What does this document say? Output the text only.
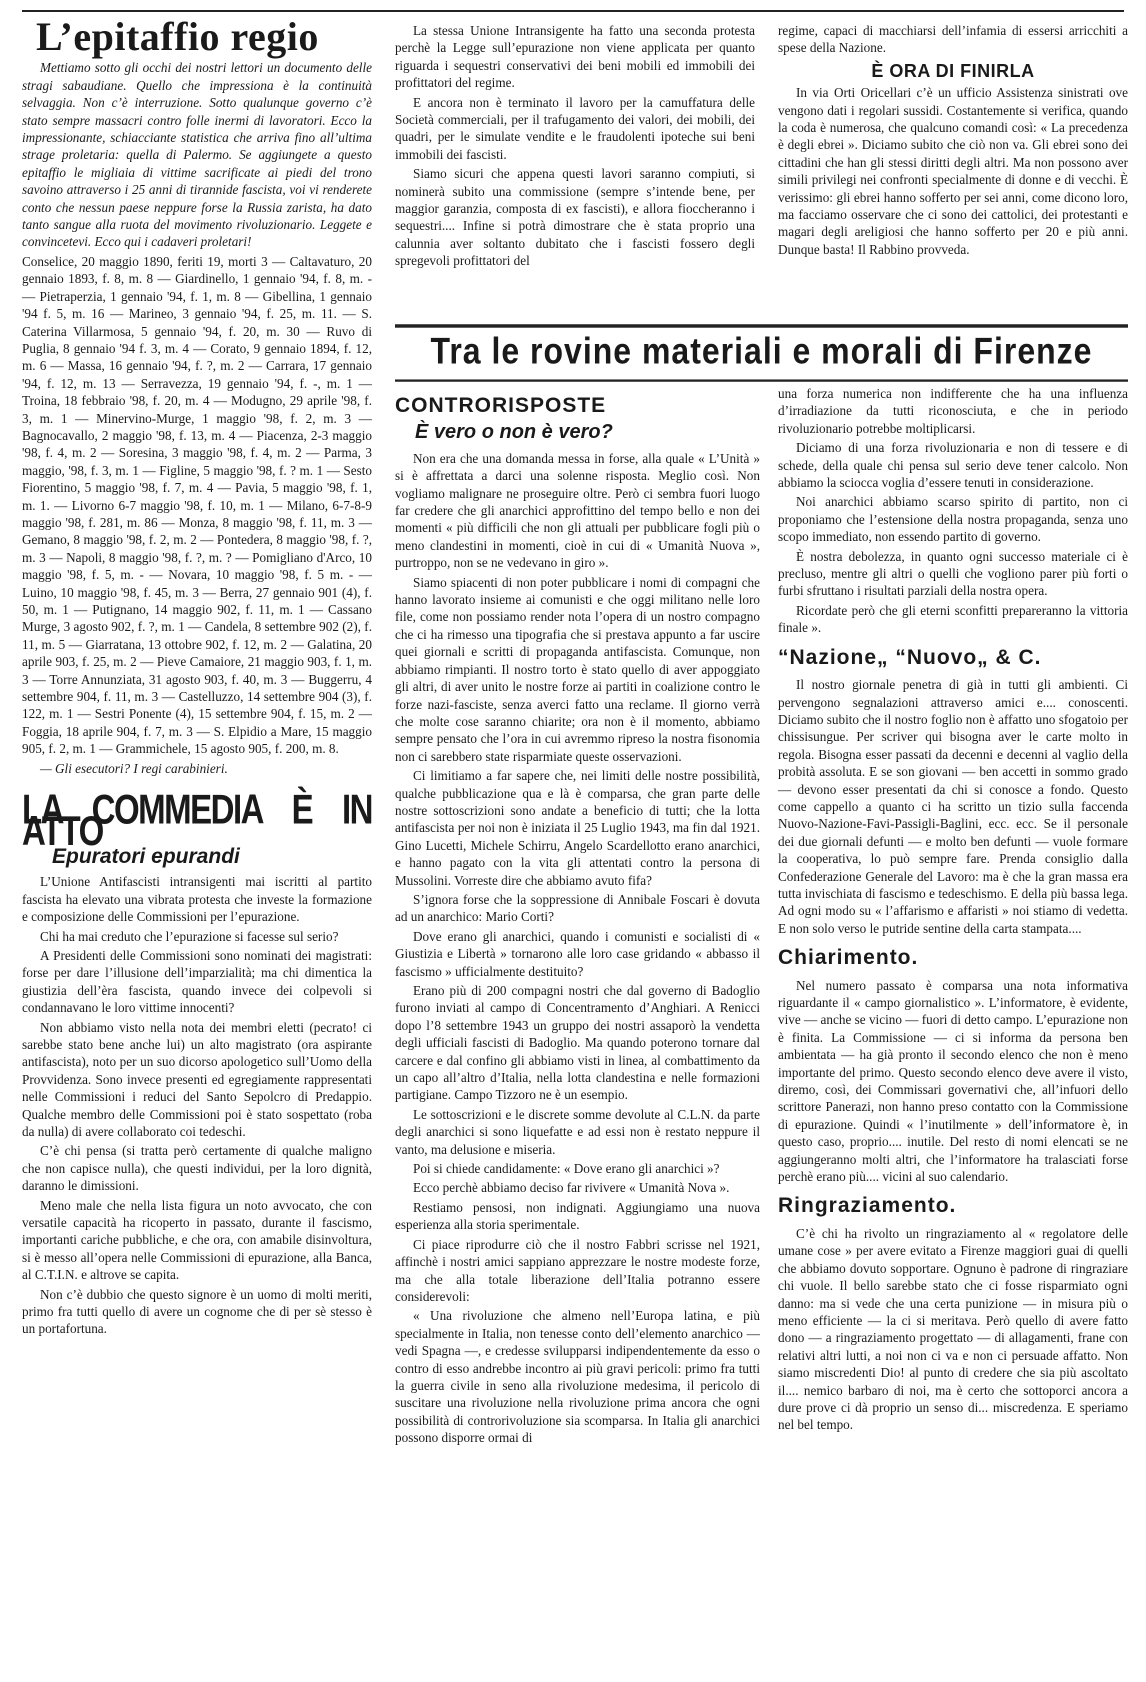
L’epitaffio regio

Mettiamo sotto gli occhi dei nostri lettori un documento delle stragi sabaudiane. Quello che impressiona è la continuità selvaggia. Non c’è interruzione. Sotto qualunque governo c’è stato sempre massacri contro folle inermi di lavoratori. Ecco la impressionante, schiacciante statistica che arriva fino all’ultima strage proletaria: quella di Palermo. Se aggiungete a questo epitaffio le migliaia di vittime sacrificate ai piedi del trono savoino attraverso i 25 anni di tirannide fascista, voi vi renderete conto che nessun paese neppure forse la Russia zarista, ha dato tanto sangue alla ruota del movimento rivoluzionario. Leggete e convincetevi. Ecco qui i cadaveri proletari!

Conselice, 20 maggio 1890, feriti 19, morti 3 — Caltavaturo, 20 gennaio 1893, f. 8, m. 8 — Giardinello, 1 gennaio '94, f. 8, m. - — Pietraperzia, 1 gennaio '94, f. 1, m. 8 — Gibellina, 1 gennaio '94 f. 5, m. 16 — Marineo, 3 gennaio '94, f. 25, m. 11. — S. Caterina Villarmosa, 5 gennaio '94, f. 20, m. 30 — Ruvo di Puglia, 8 gennaio '94 f. 3, m. 4 — Corato, 9 gennaio 1894, f. 12, m. 6 — Massa, 16 gennaio '94, f. ?, m. 2 — Carrara, 17 gennaio '94, f. 12, m. 13 — Serravezza, 19 gennaio '94, f. -, m. 1 — Troina, 18 febbraio '98, f. 20, m. 4 — Modugno, 29 aprile '98, f. 3, m. 1 — Minervino-Murge, 1 maggio '98, f. 2, m. 3 — Bagnocavallo, 2 maggio '98, f. 13, m. 4 — Piacenza, 2-3 maggio '98, f. 4, m. 2 — Soresina, 3 maggio '98, f. 4, m. 2 — Parma, 3 maggio, '98, f. 3, m. 1 — Figline, 5 maggio '98, f. ? m. 1 — Sesto Fiorentino, 5 maggio '98, f. 7, m. 4 — Pavia, 5 maggio '98, f. 1, m. 1. — Livorno 6-7 maggio '98, f. 10, m. 1 — Milano, 6-7-8-9 maggio '98, f. 281, m. 86 — Monza, 8 maggio '98, f. 11, m. 3 — Gemano, 8 maggio '98, f. 2, m. 2 — Pontedera, 8 maggio '98, f. ?, m. 3 — Napoli, 8 maggio '98, f. ?, m. ? — Pomigliano d'Arco, 10 maggio '98, f. 5, m. - — Novara, 10 maggio '98, f. 5 m. - — Luino, 10 maggio '98, f. 45, m. 3 — Berra, 27 gennaio 901 (4), f. 50, m. 1 — Putignano, 14 maggio 902, f. 11, m. 1 — Cassano Murge, 3 agosto 902, f. ?, m. 1 — Candela, 8 settembre 902 (2), f. 11, m. 5 — Giarratana, 13 ottobre 902, f. 12, m. 2 — Galatina, 20 aprile 903, f. 25, m. 2 — Pieve Camaiore, 21 maggio 903, f. 1, m. 3 — Torre Annunziata, 31 agosto 903, f. 40, m. 3 — Buggerru, 4 settembre 904, f. 11, m. 3 — Castelluzzo, 14 settembre 904 (3), f. 122, m. 1 — Sestri Ponente (4), 15 settembre 904, f. 15, m. 2 — Foggia, 18 aprile 904, f. 7, m. 3 — S. Elpidio a Mare, 15 maggio 905, f. 2, m. 1 — Grammichele, 15 agosto 905, f. 200, m. 8.

— Gli esecutori? I regi carabinieri.

LA COMMEDIA È IN ATTO
Epuratori epurandi

L’Unione Antifascisti intransigenti mai iscritti al partito fascista ha elevato una vibrata protesta che investe la formazione e composizione delle Commissioni per l’epurazione.

Chi ha mai creduto che l’epurazione si facesse sul serio?

A Presidenti delle Commissioni sono nominati dei magistrati: forse per dare l’illusione dell’imparzialità; ma chi dimentica la giustizia dell’èra fascista, quando invece dei colpevoli si condannavano le loro vittime innocenti?

Non abbiamo visto nella nota dei membri eletti (pecrato! ci sarebbe stato bene anche lui) un alto magistrato (ora aspirante antifascista), noto per un suo dicorso apologetico sull’Uomo della Provvidenza. Sono invece presenti ed egregiamente rappresentati nelle Commissioni i reduci del Santo Sepolcro di Predappio. Qualche membro delle Commissioni poi è stato sospettato (roba da nulla) di avere collaborato coi tedeschi.

C’è chi pensa (si tratta però certamente di qualche maligno che non capisce nulla), che questi individui, per la loro dignità, daranno le dimissioni.

Meno male che nella lista figura un noto avvocato, che con versatile capacità ha ricoperto in passato, durante il fascismo, importanti cariche pubbliche, e che ora, con amabile disinvoltura, si è messo all’opera nelle Commissioni di epurazione, alla Banca, al C.T.I.N. e altrove se capita.

Non c’è dubbio che questo signore è un uomo di molti meriti, primo fra tutti quello di avere un cognome che di per sè stesso è un portafortuna.

La stessa Unione Intransigente ha fatto una seconda protesta perchè la Legge sull’epurazione non viene applicata per quanto riguarda i sequestri conservativi dei beni mobili ed immobili dei profittatori del regime.

E ancora non è terminato il lavoro per la camuffatura delle Società commerciali, per il trafugamento dei valori, dei mobili, dei quadri, per le simulate vendite e le fraudolenti ipoteche sui beni immobili dei fascisti.

Siamo sicuri che appena questi lavori saranno compiuti, si nominerà subito una commissione (sempre s’intende bene, per maggior garanzia, composta di ex fascisti), e allora fioccheranno i sequestri.... Infine si potrà dimostrare che è stata proprio una calunnia aver soltanto dubitato che i fascisti fossero degli spregevoli profittatori del

regime, capaci di macchiarsi dell’infamia di essersi arricchiti a spese della Nazione.

È ORA DI FINIRLA

In via Orti Oricellari c’è un ufficio Assistenza sinistrati ove vengono dati i regolari sussidi. Costantemente si verifica, quando la coda è numerosa, che qualcuno comandi così: « La precedenza è degli ebrei ». Diciamo subito che ciò non va. Gli ebrei sono dei cittadini che han gli stessi diritti degli altri. Ma non possono aver simili privilegi nei confronti specialmente di donne e di vecchi. È verissimo: gli ebrei hanno sofferto per sei anni, come dicono loro, ma facciamo osservare che ci sono dei cattolici, dei protestanti e magari degli areligiosi che hanno sofferto per 20 e più anni. Dunque basta! Il Rabbino provveda.

Tra le rovine materiali e morali di Firenze
CONTRORISPOSTE
È vero o non è vero?

Non era che una domanda messa in forse, alla quale « L’Unità » si è affrettata a darci una solenne risposta. Meglio così. Non vogliamo malignare ne proseguire oltre. Però ci sembra fuori luogo far credere che gli anarchici approfittino del tempo bello e non dei momenti « più difficili che non gli attuali per pubblicare fogli più o meno clandestini in momenti, cioè in cui di « Umanità Nuova », purtroppo, non se ne vedevano in giro ».

Siamo spiacenti di non poter pubblicare i nomi di compagni che hanno lavorato insieme ai comunisti e che oggi militano nelle loro file, come non possiamo render nota l’opera di un nostro compagno che ci ha rimesso una tipografia che si prestava appunto a far uscire quei giornali e scritti di propaganda antifascista. Comunque, non abbiamo rimpianti. Il nostro torto è stato quello di aver appoggiato gli altri, di aver unito le nostre forze ai partiti in coalizione contro le forze nazi-fasciste, senza averci fatto una reclame. Il giorno verrà che molte cose saranno chiarite; ora non è il momento, abbiamo sempre pensato che l’ora in cui avremmo ripreso la nostra fisonomia non ci sarebbero state risparmiate queste osservazioni.

Ci limitiamo a far sapere che, nei limiti delle nostre possibilità, qualche pubblicazione qua e là è comparsa, che gran parte delle nostre sottoscrizioni sono andate a beneficio di tutti; che la lotta antifascista per noi non è iniziata il 25 Luglio 1943, ma fin dal 1921. Gino Lucetti, Michele Schirru, Angelo Scardellotto erano anarchici, e hanno pagato con la vita gli attentati contro la persona di Mussolini. Vorreste dire che abbiamo avuto fifa?

S’ignora forse che la soppressione di Annibale Foscari è dovuta ad un anarchico: Mario Corti?

Dove erano gli anarchici, quando i comunisti e socialisti di « Giustizia e Libertà » tornarono alle loro case gridando « abbasso il fascismo » ufficialmente destituito?

Erano più di 200 compagni nostri che dal governo di Badoglio furono inviati al campo di Concentramento d’Anghiari. A Renicci dopo l’8 settembre 1943 un gruppo dei nostri assaporò la vendetta degli ufficiali fascisti di Badoglio. Ma quando poterono tornare dal carcere e dal confino gli abbiamo visti in linea, al combattimento da un capo all’altro d’Italia, nella lotta clandestina e nelle formazioni partigiane. Campo Tizzoro ne è un esempio.

Le sottoscrizioni e le discrete somme devolute al C.L.N. da parte degli anarchici si sono liquefatte e ad essi non è restato neppure il vanto, ma delusione e miseria.

Poi si chiede candidamente: « Dove erano gli anarchici »?

Ecco perchè abbiamo deciso far rivivere « Umanità Nova ».

Restiamo pensosi, non indignati. Aggiungiamo una nuova esperienza alla storia sperimentale.

Ci piace riprodurre ciò che il nostro Fabbri scrisse nel 1921, affinchè i nostri amici sappiano apprezzare le nostre modeste forze, ma che alla totale liberazione dell’Italia potranno essere considerevoli:

« Una rivoluzione che almeno nell’Europa latina, e più specialmente in Italia, non tenesse conto dell’elemento anarchico — vedi Spagna —, e credesse svilupparsi indipendentemente da esso o contro di esso andrebbe incontro ai più gravi pericoli: primo fra tutti la guerra civile in seno alla rivoluzione medesima, il pericolo di suscitare una rivoluzione nella rivoluzione prima ancora che ogni possibilità di controrivoluzione sia scomparsa. In Italia gli anarchici possono disporre ormai di

una forza numerica non indifferente che ha una influenza d’irradiazione da tutti riconosciuta, e che in periodo rivoluzionario potrebbe moltiplicarsi.

Diciamo di una forza rivoluzionaria e non di tessere e di schede, della quale chi pensa sul serio deve tener calcolo. Non abbiamo la sciocca voglia d’essere tenuti in considerazione.

Noi anarchici abbiamo scarso spirito di partito, non ci proponiamo che l’estensione della nostra propaganda, senza uno scopo immediato, non essendo partito di governo.

È nostra debolezza, in quanto ogni successo materiale ci è precluso, mentre gli altri o quelli che vogliono parer più forti o furbi sfruttano i risultati parziali della nostra opera.

Ricordate però che gli eterni sconfitti prepareranno la vittoria finale ».

“Nazione„ “Nuovo„ & C.

Il nostro giornale penetra di già in tutti gli ambienti. Ci pervengono segnalazioni attraverso amici e.... conoscenti. Diciamo subito che il nostro foglio non è affatto uno sfogatoio per chissisungue. Per scriver qui bisogna aver le carte molto in regola. Bisogna esser passati da decenni e decenni al vaglio della probità assoluta. E se son giovani — ben accetti in sommo grado — devono esser presentati da chi si conosce a fondo. Questo come cappello a quanto ci ha scritto un tizio sulla faccenda Nuovo-Nazione-Favi-Passigli-Baglini, ecc. ecc. Se il personale dei due giornali defunti — e molto ben defunti — vuole formare la cooperativa, lo può sempre fare. Prenda consiglio dalla Confederazione Generale del Lavoro: ma è che la gran massa era tutta invischiata di fascismo e tedeschismo. E della più bassa lega. Ad ogni modo su « l’affarismo e affaristi » noi stiamo di vedetta. E non solo verso le putride sentine della carta stampata....

Chiarimento.

Nel numero passato è comparsa una nota informativa riguardante il « campo giornalistico ». L’informatore, è evidente, vive — anche se vicino — fuori di detto campo. L’epurazione non è finita. La Commissione — ci si informa da persona ben ambientata — ha già pronto il secondo elenco che non è meno importante del primo. Questo secondo elenco deve avere il visto, diremo, così, dei Commissari governativi che, all’infuori dello scrittore Panerazi, non hanno preso contatto con la Commissione di epurazione. Quindi « l’inutilmente » dell’informatore è, in questo caso, proprio.... inutile. Del resto di nomi elencati se ne aggiungeranno molti altri, che l’informatore ha tralasciati forse perchè erano più.... vicini al suo calendario.

Ringraziamento.

C’è chi ha rivolto un ringraziamento al « regolatore delle umane cose » per avere evitato a Firenze maggiori guai di quelli che abbiamo dovuto sopportare. Ognuno è padrone di ringraziare chi vuole. Il bello sarebbe stato che ci fosse risparmiato ogni danno: ma si vede che una certa punizione — in misura più o meno efficiente — la ci si meritava. Però quello di avere fatto dono — a ringraziamento progettato — di allagamenti, frane con relativi altri lutti, a noi non ci va e non ci persuade affatto. Non siamo miscredenti Dio! al punto di credere che sia più ascoltato il.... nemico barbaro di noi, ma è certo che sottoporci ancora a dure prove ci dà proprio un senso di... miscredenza. E speriamo nel bel tempo.
